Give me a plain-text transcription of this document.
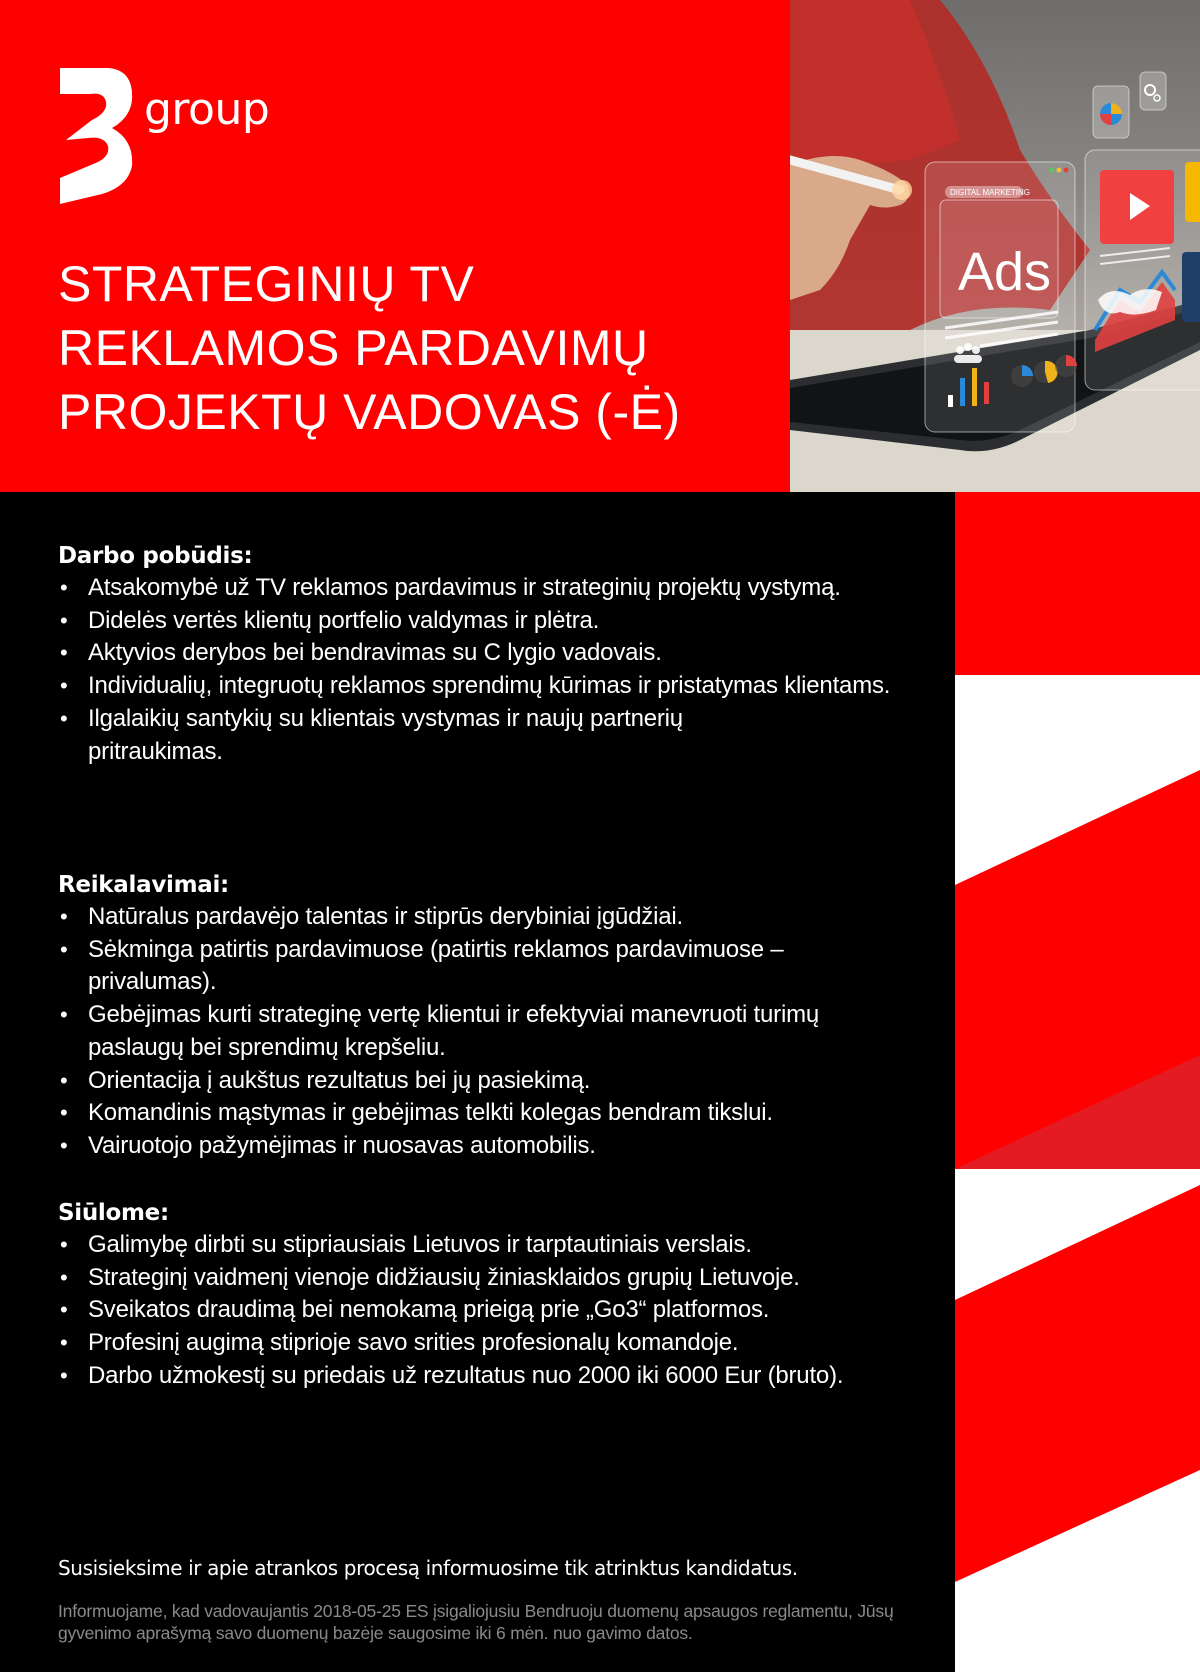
group
STRATEGINIŲ TV
REKLAMOS PARDAVIMŲ
PROJEKTŲ VADOVAS (-Ė)
DIGITAL MARKETING
Ads
Darbo pobūdis:
• Atsakomybė už TV reklamos pardavimus ir strateginių projektų vystymą.
• Didelės vertės klientų portfelio valdymas ir plėtra.
• Aktyvios derybos bei bendravimas su C lygio vadovais.
• Individualių, integruotų reklamos sprendimų kūrimas ir pristatymas klientams.
• Ilgalaikių santykių su klientais vystymas ir naujų partnerių pritraukimas.
Reikalavimai:
• Natūralus pardavėjo talentas ir stiprūs derybiniai įgūdžiai.
• Sėkminga patirtis pardavimuose (patirtis reklamos pardavimuose – privalumas).
• Gebėjimas kurti strateginę vertę klientui ir efektyviai manevruoti turimų paslaugų bei sprendimų krepšeliu.
• Orientacija į aukštus rezultatus bei jų pasiekimą.
• Komandinis mąstymas ir gebėjimas telkti kolegas bendram tikslui.
• Vairuotojo pažymėjimas ir nuosavas automobilis.
Siūlome:
• Galimybę dirbti su stipriausiais Lietuvos ir tarptautiniais verslais.
• Strateginį vaidmenį vienoje didžiausių žiniasklaidos grupių Lietuvoje.
• Sveikatos draudimą bei nemokamą prieigą prie „Go3“ platformos.
• Profesinį augimą stiprioje savo srities profesionalų komandoje.
• Darbo užmokestį su priedais už rezultatus nuo 2000 iki 6000 Eur (bruto).
Susisieksime ir apie atrankos procesą informuosime tik atrinktus kandidatus.
Informuojame, kad vadovaujantis 2018-05-25 ES įsigaliojusiu Bendruoju duomenų apsaugos reglamentu, Jūsų gyvenimo aprašymą savo duomenų bazėje saugosime iki 6 mėn. nuo gavimo datos.
